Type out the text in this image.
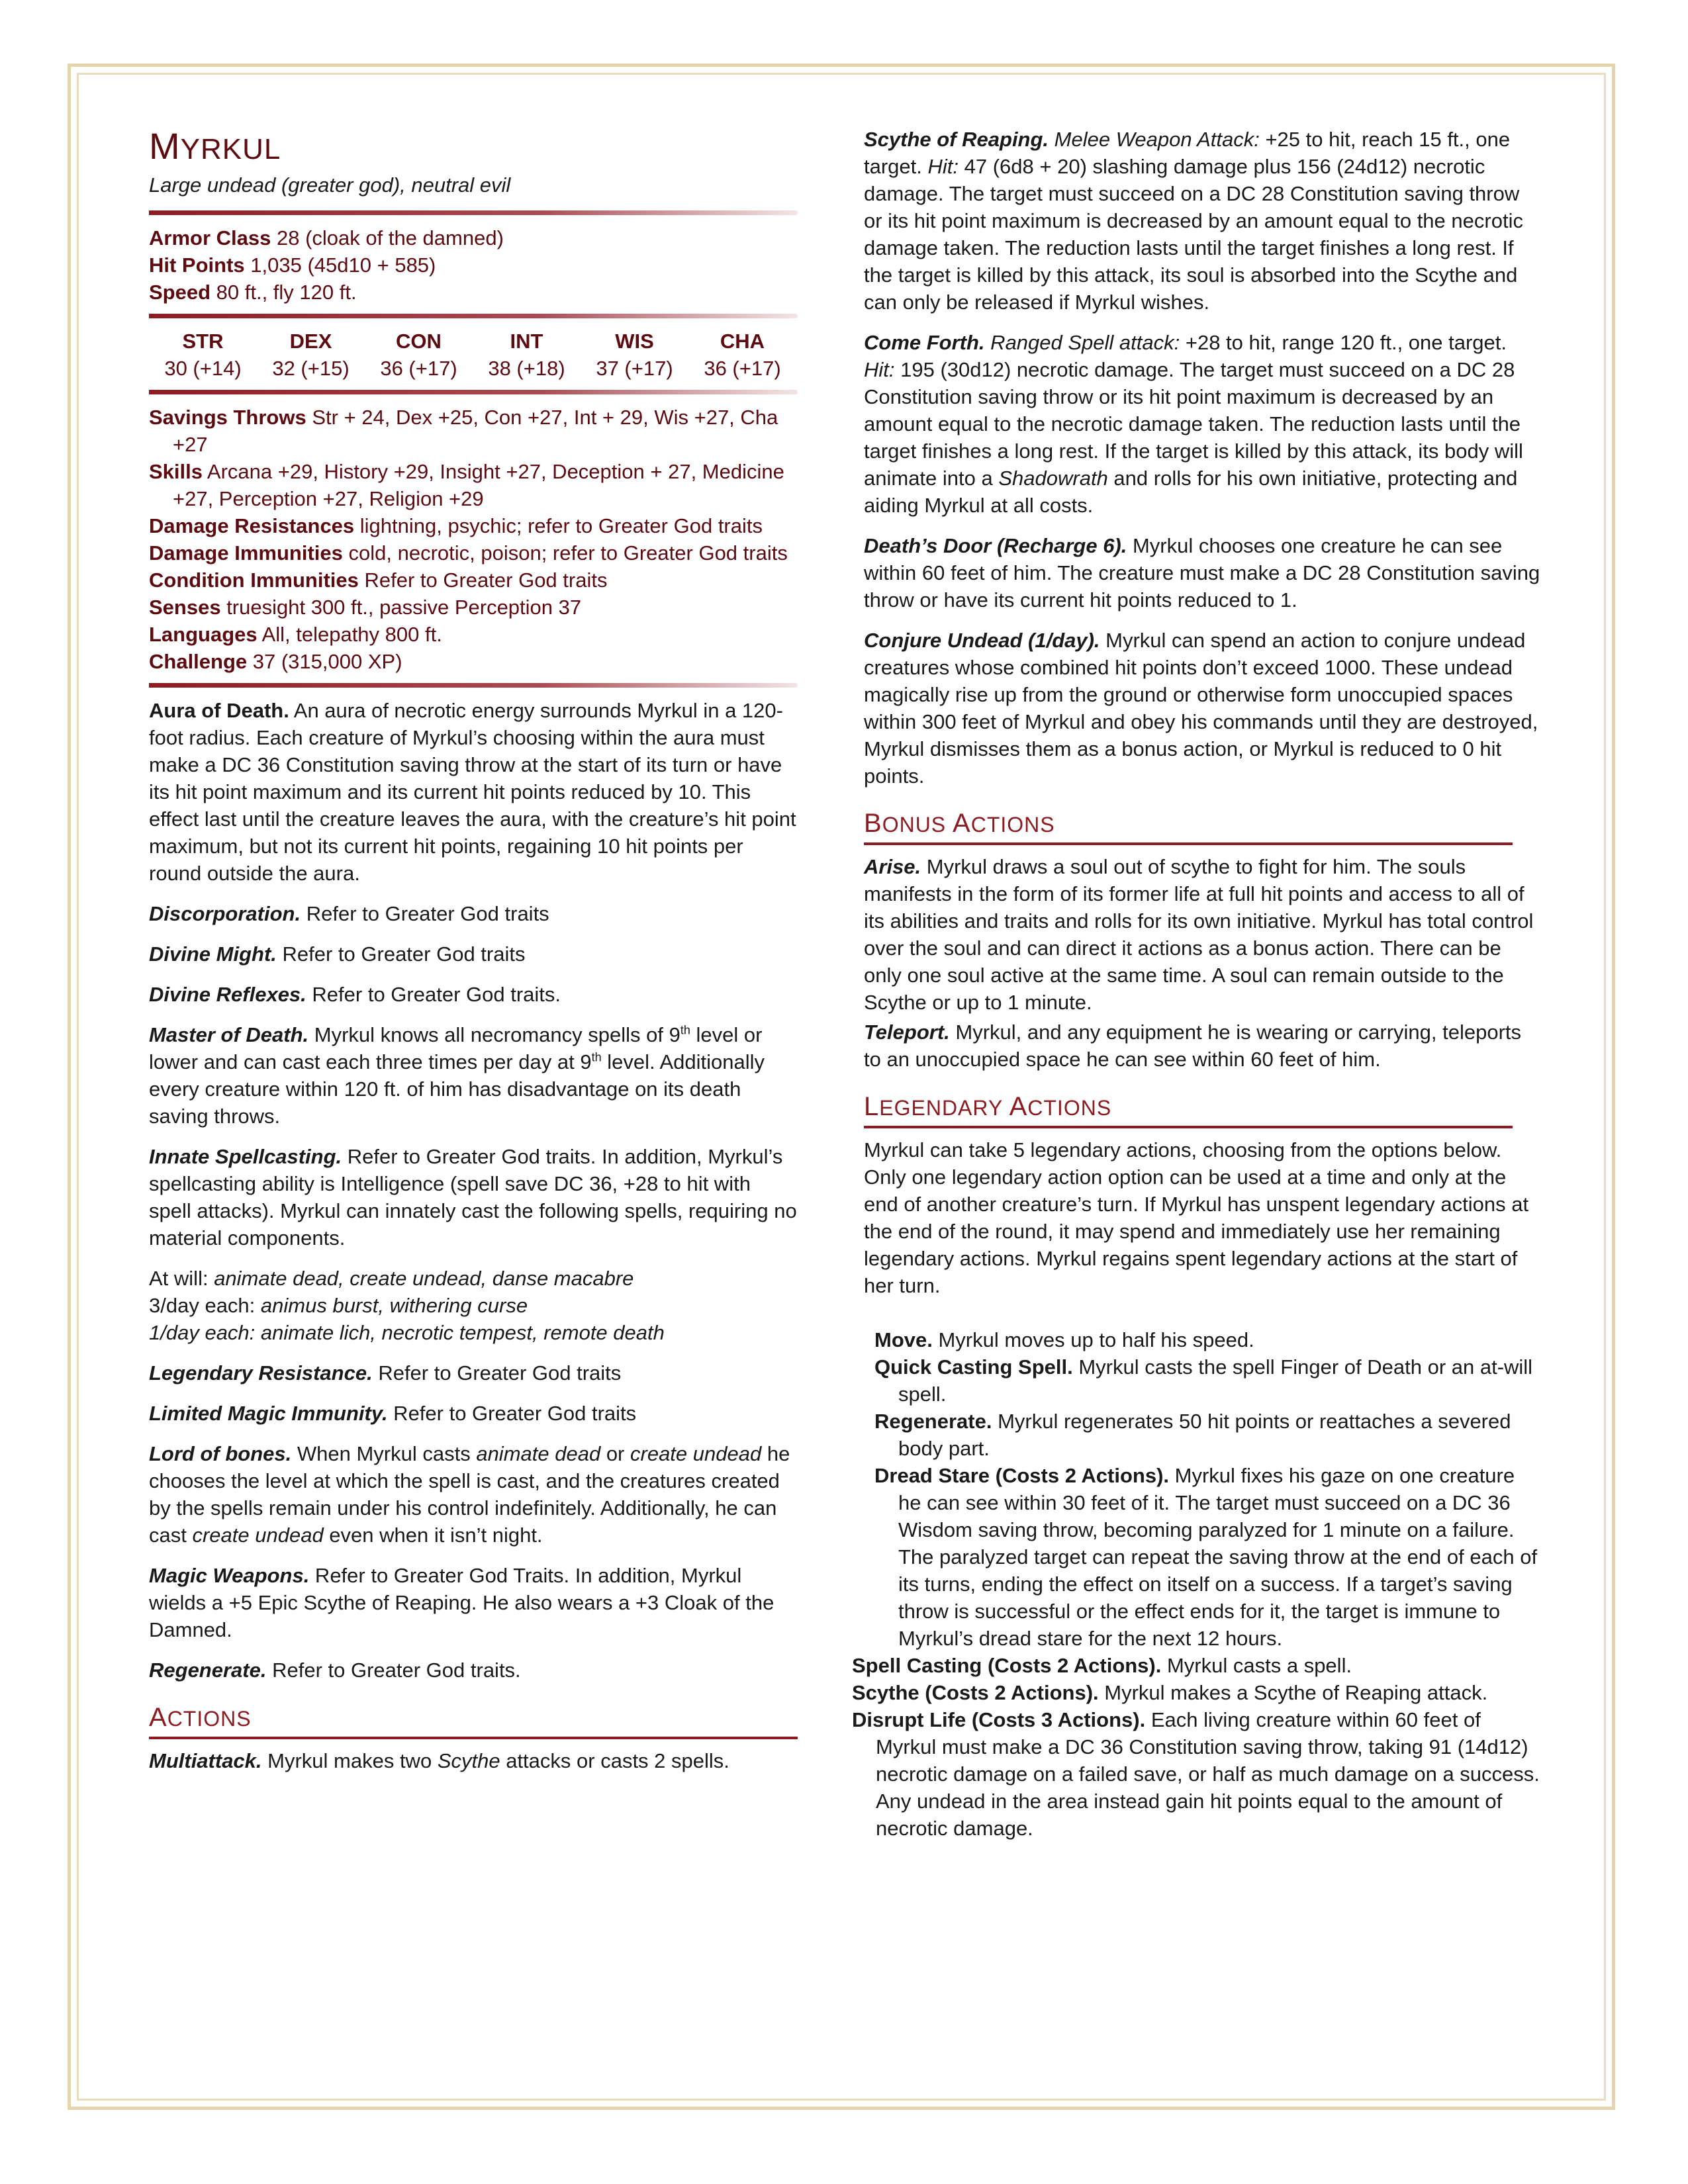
MYRKUL
Large undead (greater god), neutral evil

Armor Class 28 (cloak of the damned)

Hit Points 1,035 (45d10 + 585)

Speed 80 ft., fly 120 ft.

STR	DEX	CON	INT	WIS	CHA
30 (+14)	32 (+15)	36 (+17)	38 (+18)	37 (+17)	36 (+17)

Savings Throws Str + 24, Dex +25, Con +27, Int + 29, Wis +27, Cha +27

Skills Arcana +29, History +29, Insight +27, Deception + 27, Medicine +27, Perception +27, Religion +29

Damage Resistances lightning, psychic; refer to Greater God traits

Damage Immunities cold, necrotic, poison; refer to Greater God traits

Condition Immunities Refer to Greater God traits

Senses truesight 300 ft., passive Perception 37

Languages All, telepathy 800 ft.

Challenge 37 (315,000 XP)

Aura of Death. An aura of necrotic energy surrounds Myrkul in a 120-foot radius. Each creature of Myrkul’s choosing within the aura must make a DC 36 Constitution saving throw at the start of its turn or have its hit point maximum and its current hit points reduced by 10. This effect last until the creature leaves the aura, with the creature’s hit point maximum, but not its current hit points, regaining 10 hit points per round outside the aura.

Discorporation. Refer to Greater God traits

Divine Might. Refer to Greater God traits

Divine Reflexes. Refer to Greater God traits.

Master of Death. Myrkul knows all necromancy spells of 9th level or lower and can cast each three times per day at 9th level. Additionally every creature within 120 ft. of him has disadvantage on its death saving throws.

Innate Spellcasting. Refer to Greater God traits. In addition, Myrkul’s spellcasting ability is Intelligence (spell save DC 36, +28 to hit with spell attacks). Myrkul can innately cast the following spells, requiring no material components.

At will: animate dead, create undead, danse macabre
3/day each: animus burst, withering curse
1/day each: animate lich, necrotic tempest, remote death

Legendary Resistance. Refer to Greater God traits

Limited Magic Immunity. Refer to Greater God traits

Lord of bones. When Myrkul casts animate dead or create undead he chooses the level at which the spell is cast, and the creatures created by the spells remain under his control indefinitely. Additionally, he can cast create undead even when it isn’t night.

Magic Weapons. Refer to Greater God Traits. In addition, Myrkul wields a +5 Epic Scythe of Reaping. He also wears a +3 Cloak of the Damned.

Regenerate. Refer to Greater God traits.

ACTIONS

Multiattack. Myrkul makes two Scythe attacks or casts 2 spells.

Scythe of Reaping. Melee Weapon Attack: +25 to hit, reach 15 ft., one target. Hit: 47 (6d8 + 20) slashing damage plus 156 (24d12) necrotic damage. The target must succeed on a DC 28 Constitution saving throw or its hit point maximum is decreased by an amount equal to the necrotic damage taken. The reduction lasts until the target finishes a long rest. If the target is killed by this attack, its soul is absorbed into the Scythe and can only be released if Myrkul wishes.

Come Forth. Ranged Spell attack: +28 to hit, range 120 ft., one target. Hit: 195 (30d12) necrotic damage. The target must succeed on a DC 28 Constitution saving throw or its hit point maximum is decreased by an amount equal to the necrotic damage taken. The reduction lasts until the target finishes a long rest. If the target is killed by this attack, its body will animate into a Shadowrath and rolls for his own initiative, protecting and aiding Myrkul at all costs.

Death’s Door (Recharge 6). Myrkul chooses one creature he can see within 60 feet of him. The creature must make a DC 28 Constitution saving throw or have its current hit points reduced to 1.

Conjure Undead (1/day). Myrkul can spend an action to conjure undead creatures whose combined hit points don’t exceed 1000. These undead magically rise up from the ground or otherwise form unoccupied spaces within 300 feet of Myrkul and obey his commands until they are destroyed, Myrkul dismisses them as a bonus action, or Myrkul is reduced to 0 hit points.

BONUS ACTIONS

Arise. Myrkul draws a soul out of scythe to fight for him. The souls manifests in the form of its former life at full hit points and access to all of its abilities and traits and rolls for its own initiative. Myrkul has total control over the soul and can direct it actions as a bonus action. There can be only one soul active at the same time. A soul can remain outside to the Scythe or up to 1 minute.

Teleport. Myrkul, and any equipment he is wearing or carrying, teleports to an unoccupied space he can see within 60 feet of him.

LEGENDARY ACTIONS

Myrkul can take 5 legendary actions, choosing from the options below. Only one legendary action option can be used at a time and only at the end of another creature’s turn. If Myrkul has unspent legendary actions at the end of the round, it may spend and immediately use her remaining legendary actions. Myrkul regains spent legendary actions at the start of her turn.

Move. Myrkul moves up to half his speed.

Quick Casting Spell. Myrkul casts the spell Finger of Death or an at-will spell.

Regenerate. Myrkul regenerates 50 hit points or reattaches a severed body part.

Dread Stare (Costs 2 Actions). Myrkul fixes his gaze on one creature he can see within 30 feet of it. The target must succeed on a DC 36 Wisdom saving throw, becoming paralyzed for 1 minute on a failure. The paralyzed target can repeat the saving throw at the end of each of its turns, ending the effect on itself on a success. If a target’s saving throw is successful or the effect ends for it, the target is immune to Myrkul’s dread stare for the next 12 hours.

Spell Casting (Costs 2 Actions). Myrkul casts a spell.

Scythe (Costs 2 Actions). Myrkul makes a Scythe of Reaping attack.

Disrupt Life (Costs 3 Actions). Each living creature within 60 feet of Myrkul must make a DC 36 Constitution saving throw, taking 91 (14d12) necrotic damage on a failed save, or half as much damage on a success. Any undead in the area instead gain hit points equal to the amount of necrotic damage.
